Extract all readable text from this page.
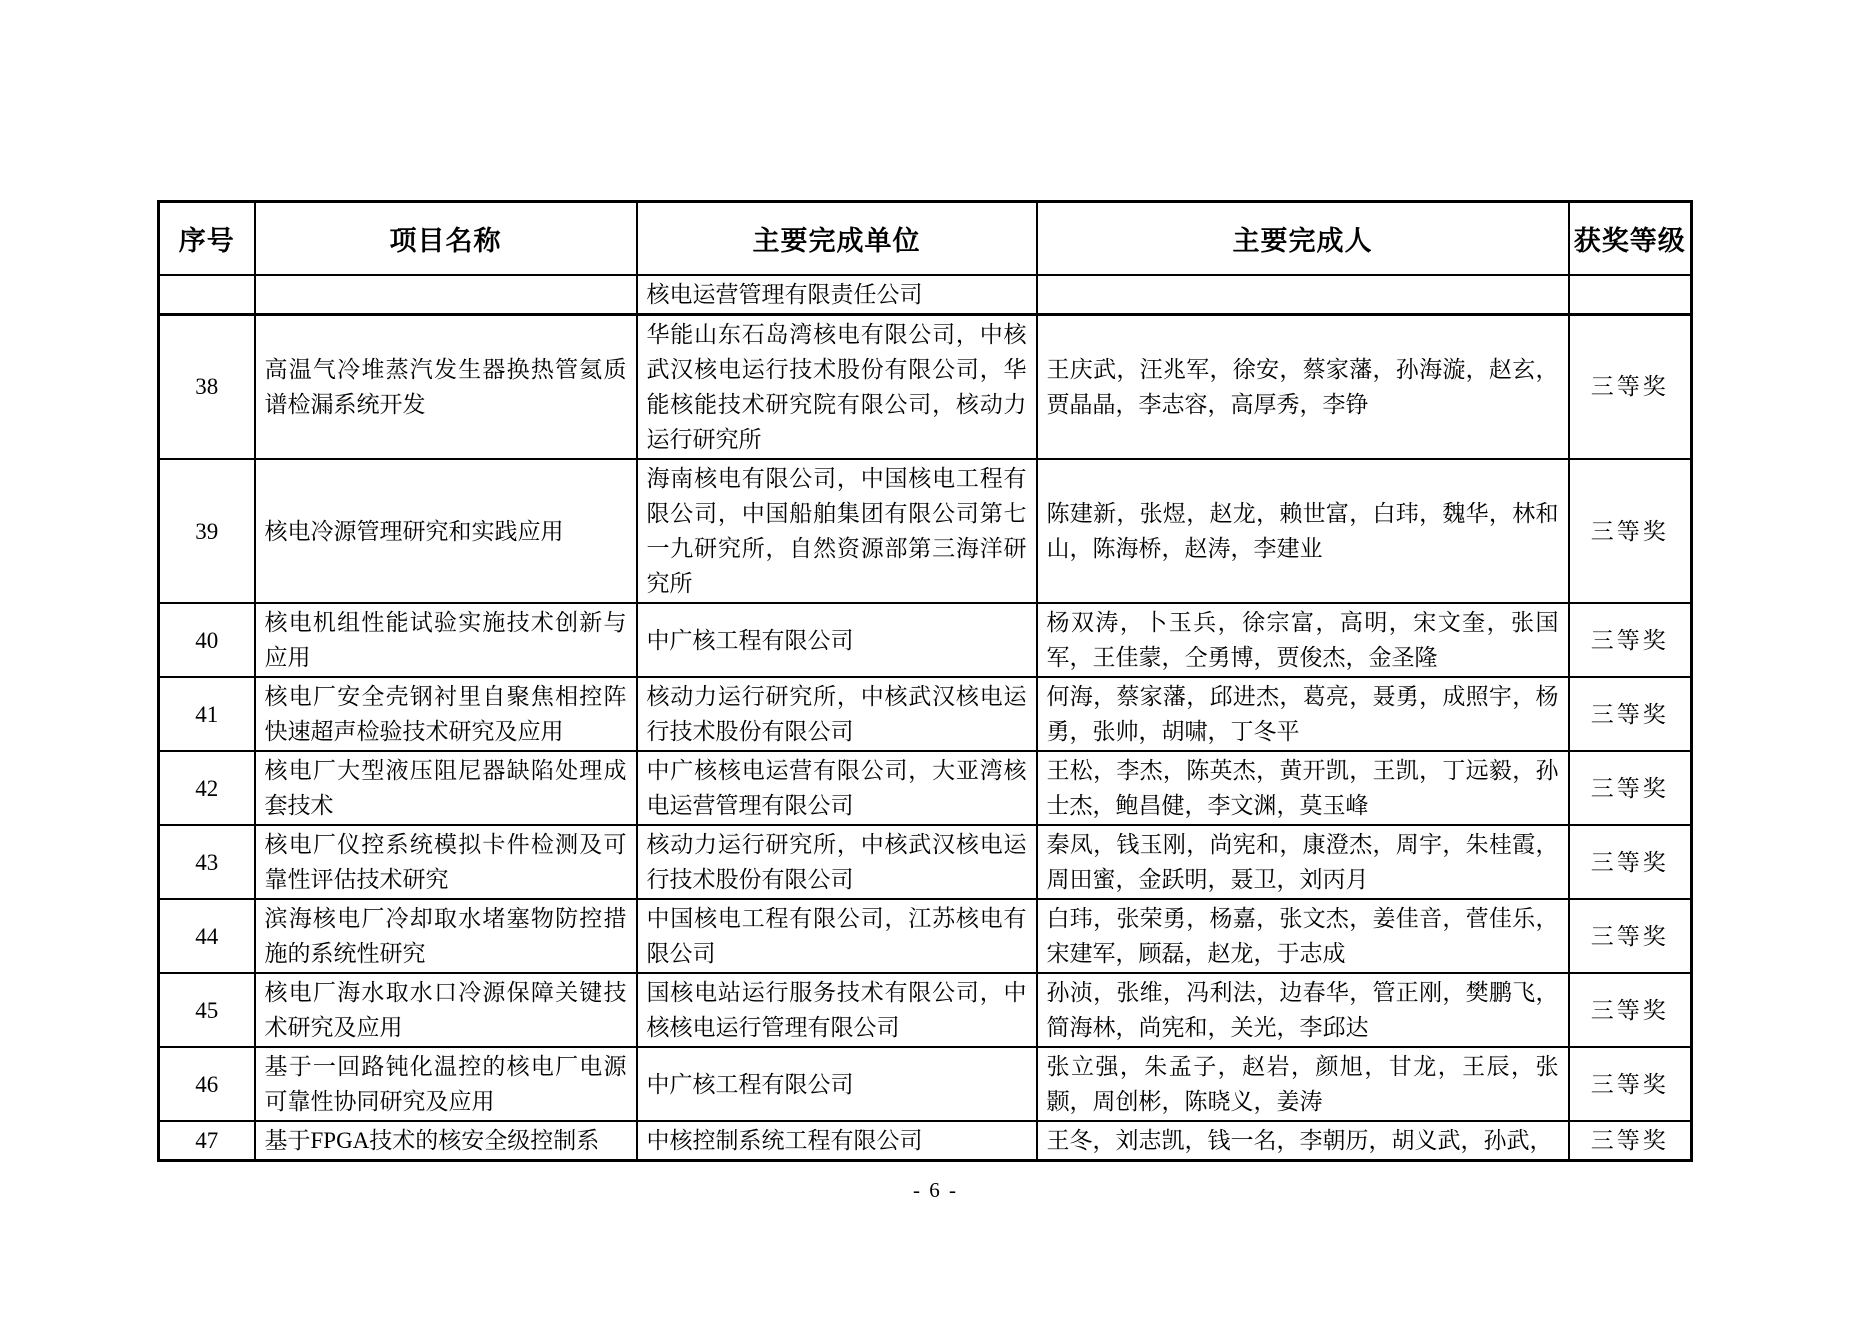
序号	项目名称	主要完成单位	主要完成人	获奖等级
		核电运营管理有限责任公司		
38	高温气冷堆蒸汽发生器换热管氦质谱检漏系统开发	华能山东石岛湾核电有限公司，中核武汉核电运行技术股份有限公司，华能核能技术研究院有限公司，核动力运行研究所	王庆武，汪兆军，徐安，蔡家藩，孙海漩，赵玄，贾晶晶，李志容，高厚秀，李铮	三等奖
39	核电冷源管理研究和实践应用	海南核电有限公司，中国核电工程有限公司，中国船舶集团有限公司第七一九研究所，自然资源部第三海洋研究所	陈建新，张煜，赵龙，赖世富，白玮，魏华，林和山，陈海桥，赵涛，李建业	三等奖
40	核电机组性能试验实施技术创新与应用	中广核工程有限公司	杨双涛，卜玉兵，徐宗富，高明，宋文奎，张国军，王佳蒙，仝勇博，贾俊杰，金圣隆	三等奖
41	核电厂安全壳钢衬里自聚焦相控阵快速超声检验技术研究及应用	核动力运行研究所，中核武汉核电运行技术股份有限公司	何海，蔡家藩，邱进杰，葛亮，聂勇，成照宇，杨勇，张帅，胡啸，丁冬平	三等奖
42	核电厂大型液压阻尼器缺陷处理成套技术	中广核核电运营有限公司，大亚湾核电运营管理有限公司	王松，李杰，陈英杰，黄开凯，王凯，丁远毅，孙士杰，鲍昌健，李文渊，莫玉峰	三等奖
43	核电厂仪控系统模拟卡件检测及可靠性评估技术研究	核动力运行研究所，中核武汉核电运行技术股份有限公司	秦凤，钱玉刚，尚宪和，康澄杰，周宇，朱桂霞，周田蜜，金跃明，聂卫，刘丙月	三等奖
44	滨海核电厂冷却取水堵塞物防控措施的系统性研究	中国核电工程有限公司，江苏核电有限公司	白玮，张荣勇，杨嘉，张文杰，姜佳音，菅佳乐，宋建军，顾磊，赵龙，于志成	三等奖
45	核电厂海水取水口冷源保障关键技术研究及应用	国核电站运行服务技术有限公司，中核核电运行管理有限公司	孙浈，张维，冯利法，边春华，管正刚，樊鹏飞，简海林，尚宪和，关光，李邱达	三等奖
46	基于一回路钝化温控的核电厂电源可靠性协同研究及应用	中广核工程有限公司	张立强，朱孟子，赵岩，颜旭，甘龙，王辰，张颢，周创彬，陈晓义，姜涛	三等奖
47	基于FPGA技术的核安全级控制系	中核控制系统工程有限公司	王冬，刘志凯，钱一名，李朝历，胡义武，孙武，	三等奖
- 6 -
